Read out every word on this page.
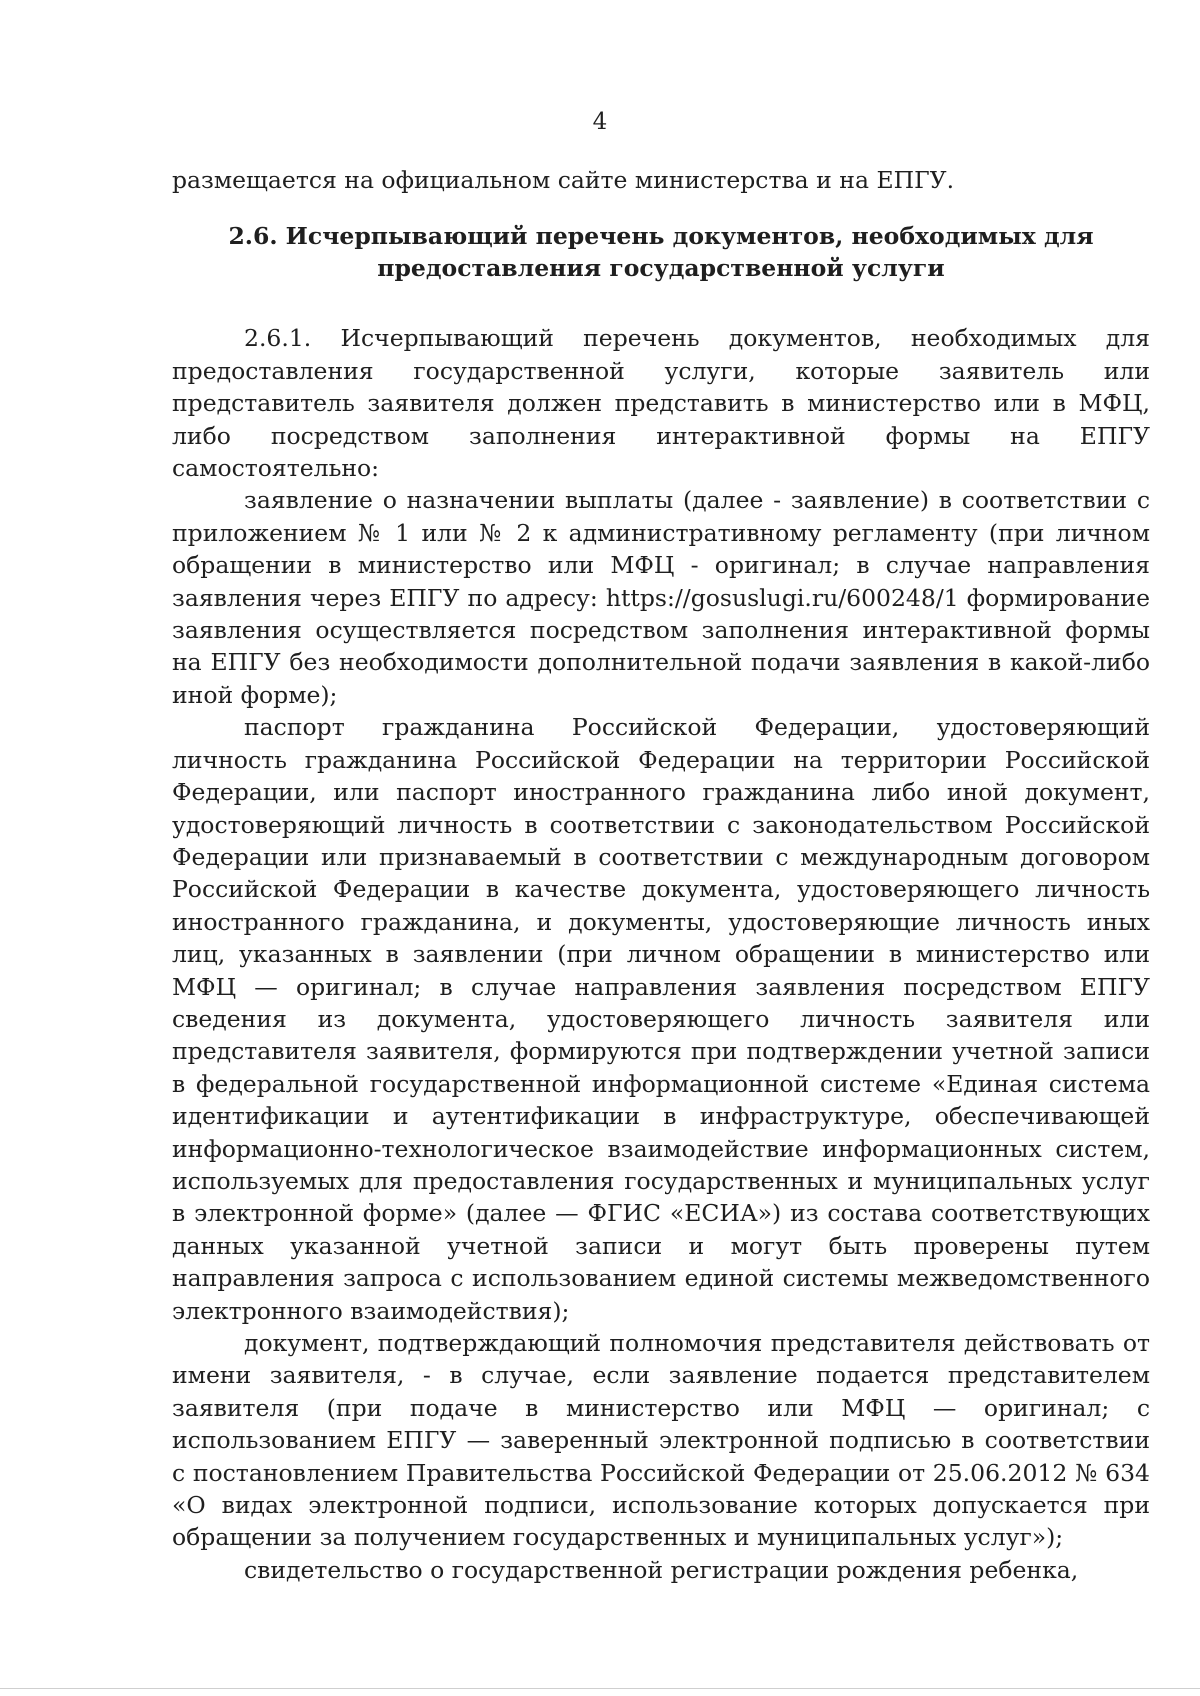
4

размещается на официальном сайте министерства и на ЕПГУ.

2.6. Исчерпывающий перечень документов, необходимых для предоставления государственной услуги

2.6.1. Исчерпывающий перечень документов, необходимых для предоставления государственной услуги, которые заявитель или представитель заявителя должен представить в министерство или в МФЦ, либо посредством заполнения интерактивной формы на ЕПГУ самостоятельно:

заявление о назначении выплаты (далее - заявление) в соответствии с приложением № 1 или № 2 к административному регламенту (при личном обращении в министерство или МФЦ - оригинал; в случае направления заявления через ЕПГУ по адресу: https://gosuslugi.ru/600248/1 формирование заявления осуществляется посредством заполнения интерактивной формы на ЕПГУ без необходимости дополнительной подачи заявления в какой-либо иной форме);

паспорт гражданина Российской Федерации, удостоверяющий личность гражданина Российской Федерации на территории Российской Федерации, или паспорт иностранного гражданина либо иной документ, удостоверяющий личность в соответствии с законодательством Российской Федерации или признаваемый в соответствии с международным договором Российской Федерации в качестве документа, удостоверяющего личность иностранного гражданина, и документы, удостоверяющие личность иных лиц, указанных в заявлении (при личном обращении в министерство или МФЦ — оригинал; в случае направления заявления посредством ЕПГУ сведения из документа, удостоверяющего личность заявителя или представителя заявителя, формируются при подтверждении учетной записи в федеральной государственной информационной системе «Единая система идентификации и аутентификации в инфраструктуре, обеспечивающей информационно-технологическое взаимодействие информационных систем, используемых для предоставления государственных и муниципальных услуг в электронной форме» (далее — ФГИС «ЕСИА») из состава соответствующих данных указанной учетной записи и могут быть проверены путем направления запроса с использованием единой системы межведомственного электронного взаимодействия);

документ, подтверждающий полномочия представителя действовать от имени заявителя, - в случае, если заявление подается представителем заявителя (при подаче в министерство или МФЦ — оригинал; с использованием ЕПГУ — заверенный электронной подписью в соответствии с постановлением Правительства Российской Федерации от 25.06.2012 № 634 «О видах электронной подписи, использование которых допускается при обращении за получением государственных и муниципальных услуг»);

свидетельство о государственной регистрации рождения ребенка,
